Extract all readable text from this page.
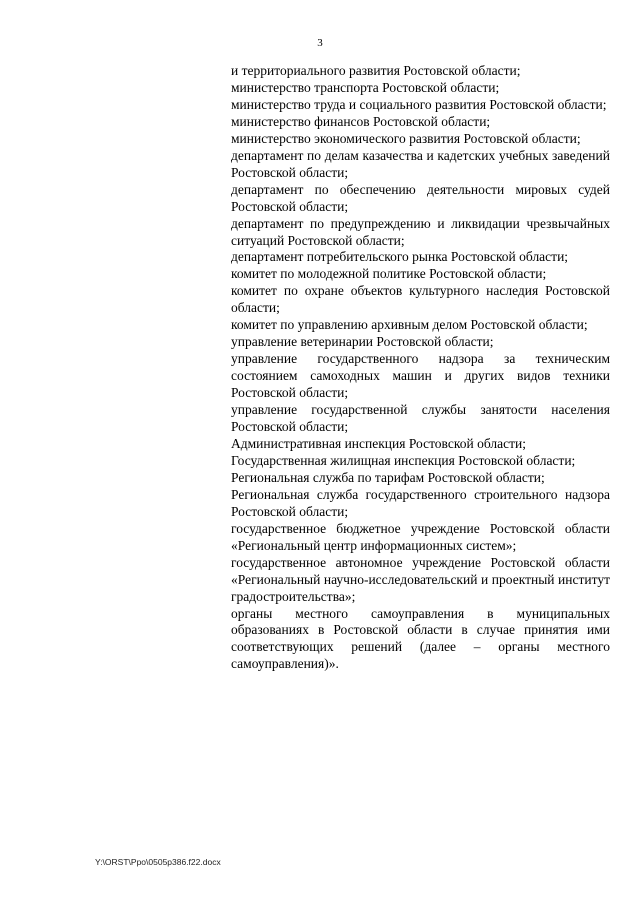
3

и территориального развития Ростовской области;

министерство транспорта Ростовской области;

министерство труда и социального развития Ростовской области;

министерство финансов Ростовской области;

министерство экономического развития Ростовской области;

департамент по делам казачества и кадетских учебных заведений Ростовской области;

департамент по обеспечению деятельности мировых судей Ростовской области;

департамент по предупреждению и ликвидации чрезвычайных ситуаций Ростовской области;

департамент потребительского рынка Ростовской области;

комитет по молодежной политике Ростовской области;

комитет по охране объектов культурного наследия Ростовской области;

комитет по управлению архивным делом Ростовской области;

управление ветеринарии Ростовской области;

управление государственного надзора за техническим состоянием самоходных машин и других видов техники Ростовской области;

управление государственной службы занятости населения Ростовской области;

Административная инспекция Ростовской области;

Государственная жилищная инспекция Ростовской области;

Региональная служба по тарифам Ростовской области;

Региональная служба государственного строительного надзора Ростовской области;

государственное бюджетное учреждение Ростовской области «Региональный центр информационных систем»;

государственное автономное учреждение Ростовской области «Региональный научно-исследовательский и проектный институт градостроительства»;

органы местного самоуправления в муниципальных образованиях в Ростовской области в случае принятия ими соответствующих решений (далее – органы местного самоуправления)».

Y:\ORST\Ppo\0505p386.f22.docx
